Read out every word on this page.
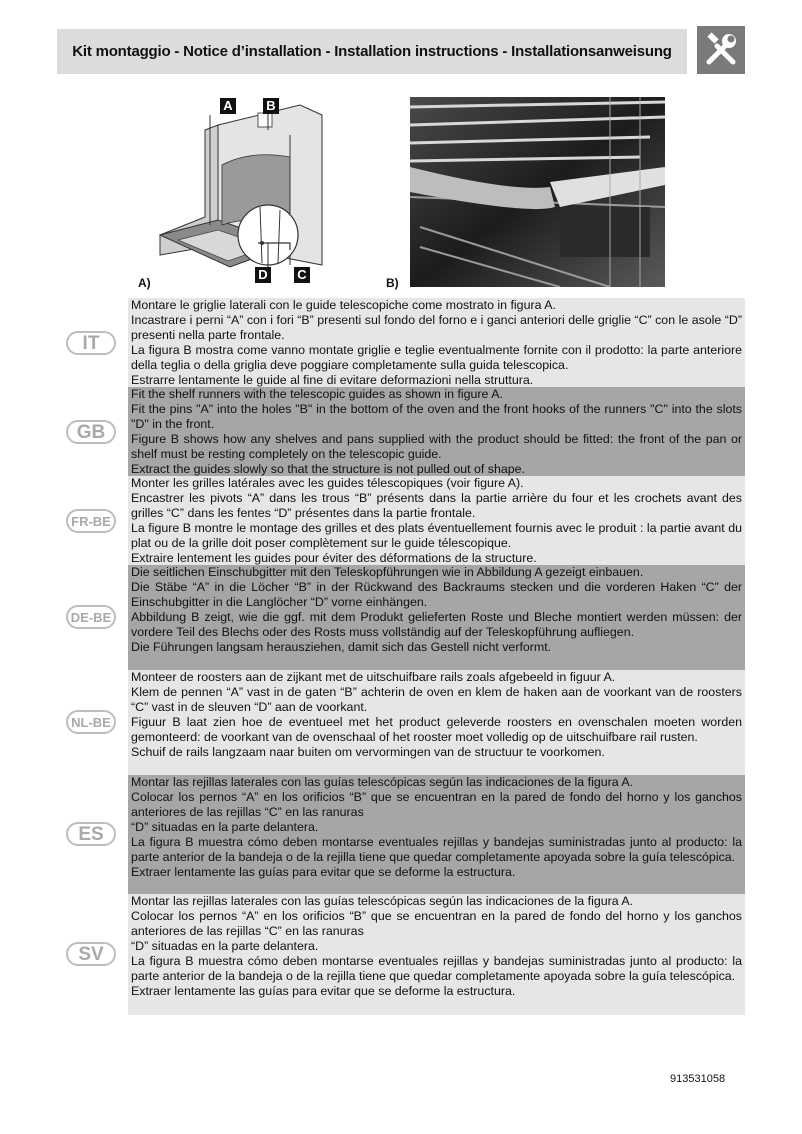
Kit montaggio - Notice d’installation - Installation instructions - Installationsanweisung
A	B
D C
A)	B)
IT

Montare le griglie laterali con le guide telescopiche come mostrato in figura A.

Incastrare i perni “A” con i fori “B” presenti sul fondo del forno e i ganci anteriori delle griglie “C” con le asole “D” presenti nella parte frontale.

La figura B mostra come vanno montate griglie e teglie eventualmente fornite con il prodotto: la parte anteriore della teglia o della griglia deve poggiare completamente sulla guida telescopica.

Estrarre lentamente le guide al fine di evitare deformazioni nella struttura.

GB

Fit the shelf runners with the telescopic guides as shown in figure A.

Fit the pins "A" into the holes "B" in the bottom of the oven and the front hooks of the runners "C" into the slots "D" in the front.

Figure B shows how any shelves and pans supplied with the product should be fitted: the front of the pan or shelf must be resting completely on the telescopic guide.

Extract the guides slowly so that the structure is not pulled out of shape.

FR-BE

Monter les grilles latérales avec les guides télescopiques (voir figure A).

Encastrer les pivots “A” dans les trous “B” présents dans la partie arrière du four et les crochets avant des grilles “C” dans les fentes “D” présentes dans la partie frontale.

La figure B montre le montage des grilles et des plats éventuellement fournis avec le produit : la partie avant du plat ou de la grille doit poser complètement sur le guide télescopique.

Extraire lentement les guides pour éviter des déformations de la structure.

DE-BE

Die seitlichen Einschubgitter mit den Teleskopführungen wie in Abbildung A gezeigt einbauen.

Die Stäbe “A” in die Löcher “B” in der Rückwand des Backraums stecken und die vorderen Haken “C” der Einschubgitter in die Langlöcher “D” vorne einhängen.

Abbildung B zeigt, wie die ggf. mit dem Produkt gelieferten Roste und Bleche montiert werden müssen: der vordere Teil des Blechs oder des Rosts muss vollständig auf der Teleskopführung aufliegen.

Die Führungen langsam herausziehen, damit sich das Gestell nicht verformt.

NL-BE

Monteer de roosters aan de zijkant met de uitschuifbare rails zoals afgebeeld in figuur A.

Klem de pennen “A” vast in de gaten “B” achterin de oven en klem de haken aan de voorkant van de roosters “C” vast in de sleuven “D” aan de voorkant.

Figuur B laat zien hoe de eventueel met het product geleverde roosters en ovenschalen moeten worden gemonteerd: de voorkant van de ovenschaal of het rooster moet volledig op de uitschuifbare rail rusten.

Schuif de rails langzaam naar buiten om vervormingen van de structuur te voorkomen.

ES

Montar las rejillas laterales con las guías telescópicas según las indicaciones de la figura A.

Colocar los pernos “A” en los orificios “B” que se encuentran en la pared de fondo del horno y los ganchos anteriores de las rejillas “C” en las ranuras

“D” situadas en la parte delantera.

La figura B muestra cómo deben montarse eventuales rejillas y bandejas suministradas junto al producto: la parte anterior de la bandeja o de la rejilla tiene que quedar completamente apoyada sobre la guía telescópica.

Extraer lentamente las guías para evitar que se deforme la estructura.

SV

Montar las rejillas laterales con las guías telescópicas según las indicaciones de la figura A.

Colocar los pernos “A” en los orificios “B” que se encuentran en la pared de fondo del horno y los ganchos anteriores de las rejillas “C” en las ranuras

“D” situadas en la parte delantera.

La figura B muestra cómo deben montarse eventuales rejillas y bandejas suministradas junto al producto: la parte anterior de la bandeja o de la rejilla tiene que quedar completamente apoyada sobre la guía telescópica.

Extraer lentamente las guías para evitar que se deforme la estructura.

913531058
